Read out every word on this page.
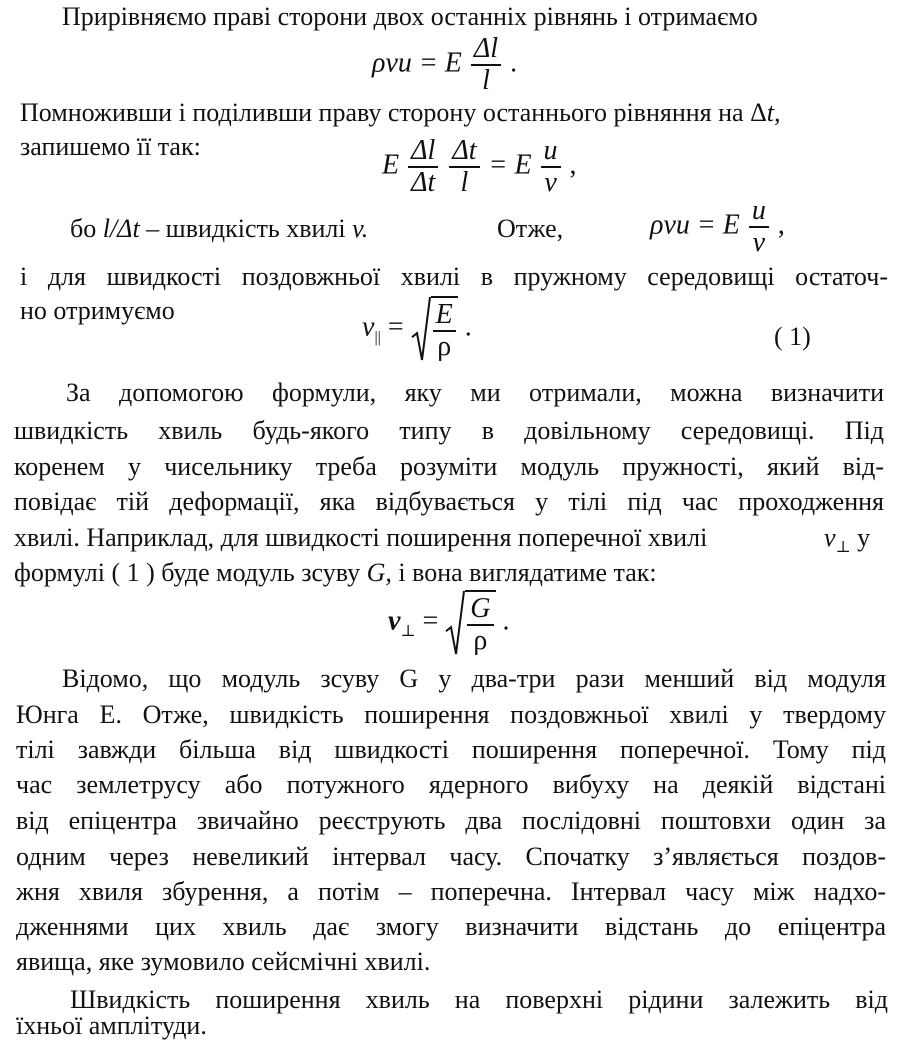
Прирівняємо праві сторони двох останніх рівнянь і отримаємо
ρvu = E $\frac{\Delta l}{l}$ .
Помноживши і поділивши праву сторону останнього рівняння на Δt,
запишемо її так:
E $\frac{\Delta l}{\Delta t}$
$\frac{\Delta t}{l} = E \frac{u}{v}$ ,
бо l/Δt – швидкість хвилі v.	Отже,	ρvu = E $\frac{u}{v}$ ,
і для швидкості поздовжньої хвилі в пружному середовищі остаточ-
но отримуємо
$v_{||} = \frac{E}{\rho}$ .	( 1)
За допомогою формули, яку ми отримали, можна визначити
швидкість хвиль будь-якого типу в довільному середовищі. Під
коренем у чисельнику треба розуміти модуль пружності, який від-
повідає тій деформації, яка відбувається у тілі під час проходження
хвилі. Наприклад, для швидкості поширення поперечної хвилі	$v_\perp$ у
формулі ( 1 ) буде модуль зсуву G, і вона виглядатиме так:
$v_\perp = \frac{G}{\rho}$ .
Відомо, що модуль зсуву G у два-три рази менший від модуля
Юнга E. Отже, швидкість поширення поздовжньої хвилі у твердому
тілі завжди більша від швидкості поширення поперечної. Тому під
час землетрусу або потужного ядерного вибуху на деякій відстані
від епіцентра звичайно реєструють два послідовні поштовхи один за
одним через невеликий інтервал часу. Спочатку з’являється поздов-
жня хвиля збурення, а потім – поперечна. Інтервал часу між надхо-
дженнями цих хвиль дає змогу визначити відстань до епіцентра
явища, яке зумовило сейсмічні хвилі.
Швидкість поширення хвиль на поверхні рідини залежить від
їхньої амплітуди.
